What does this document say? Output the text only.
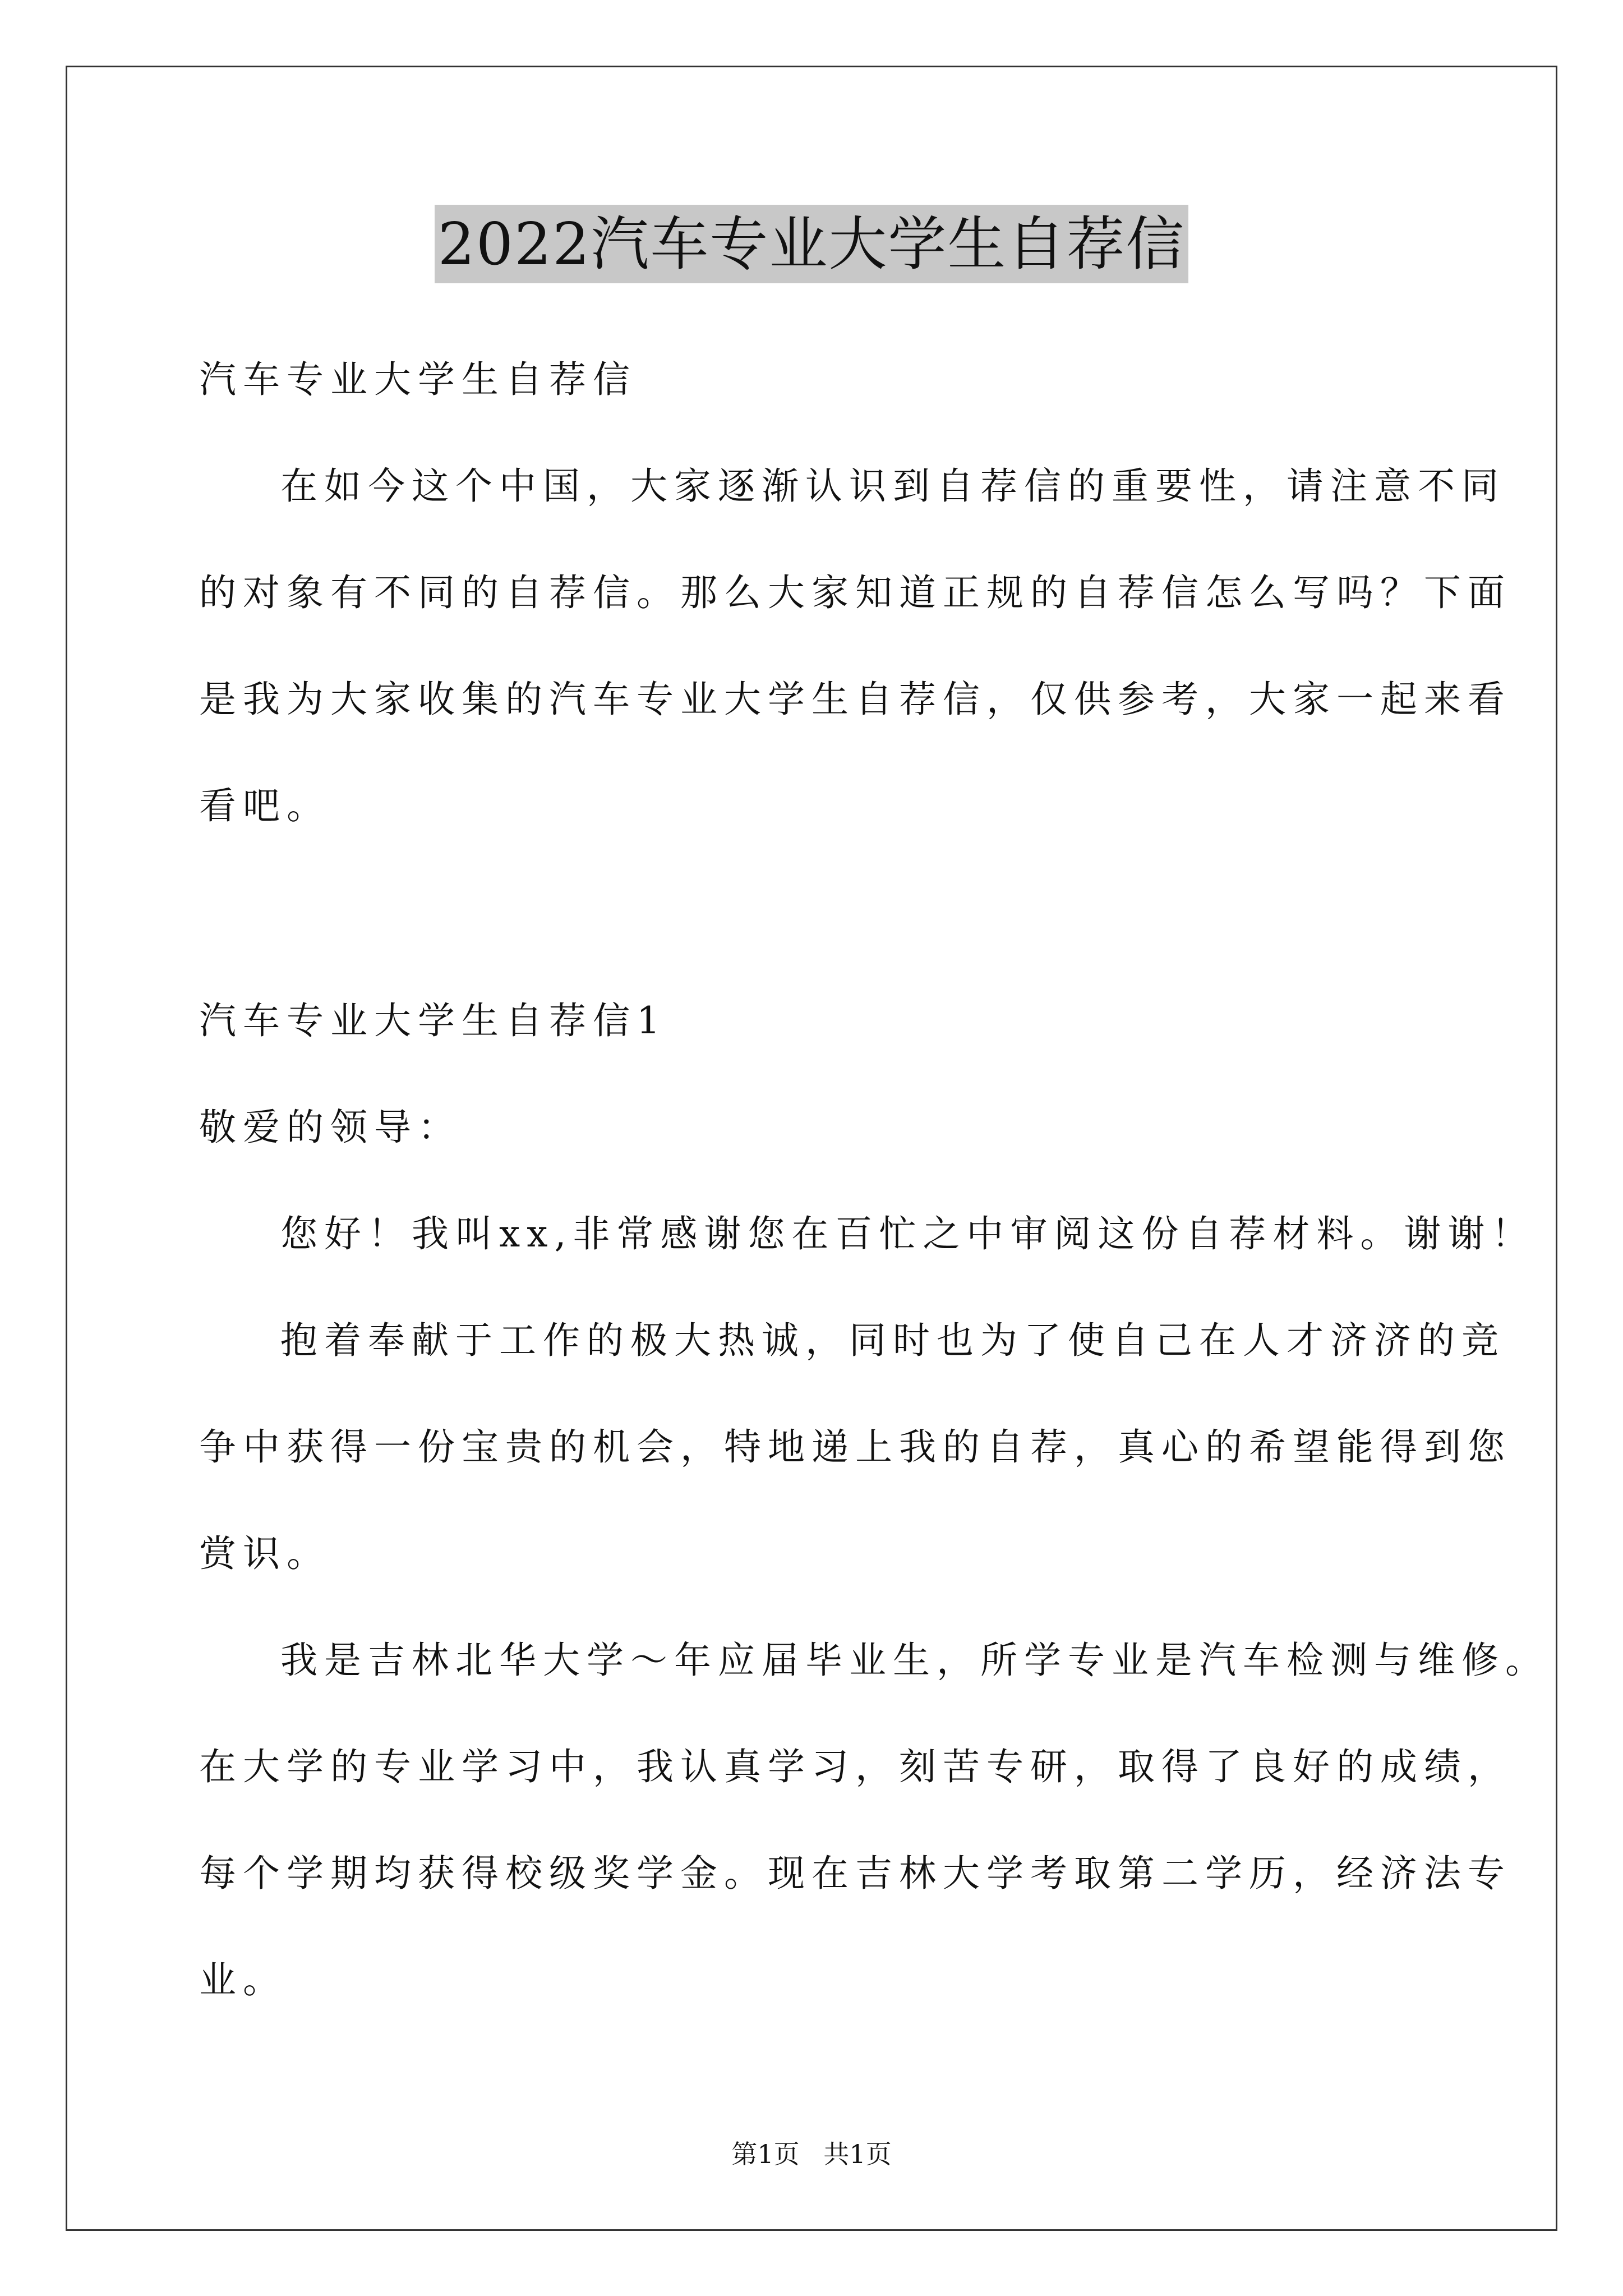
2022汽车专业大学生自荐信
汽车专业大学生自荐信
在如今这个中国，大家逐渐认识到自荐信的重要性，请注意不同
的对象有不同的自荐信。那么大家知道正规的自荐信怎么写吗？下面
是我为大家收集的汽车专业大学生自荐信，仅供参考，大家一起来看
看吧。
汽车专业大学生自荐信1
敬爱的领导：
您好！我叫xx,非常感谢您在百忙之中审阅这份自荐材料。谢谢！
抱着奉献于工作的极大热诚，同时也为了使自己在人才济济的竞
争中获得一份宝贵的机会，特地递上我的自荐，真心的希望能得到您
赏识。
我是吉林北华大学～年应届毕业生，所学专业是汽车检测与维修。
在大学的专业学习中，我认真学习，刻苦专研，取得了良好的成绩，
每个学期均获得校级奖学金。现在吉林大学考取第二学历，经济法专
业。
第1页 共1页
